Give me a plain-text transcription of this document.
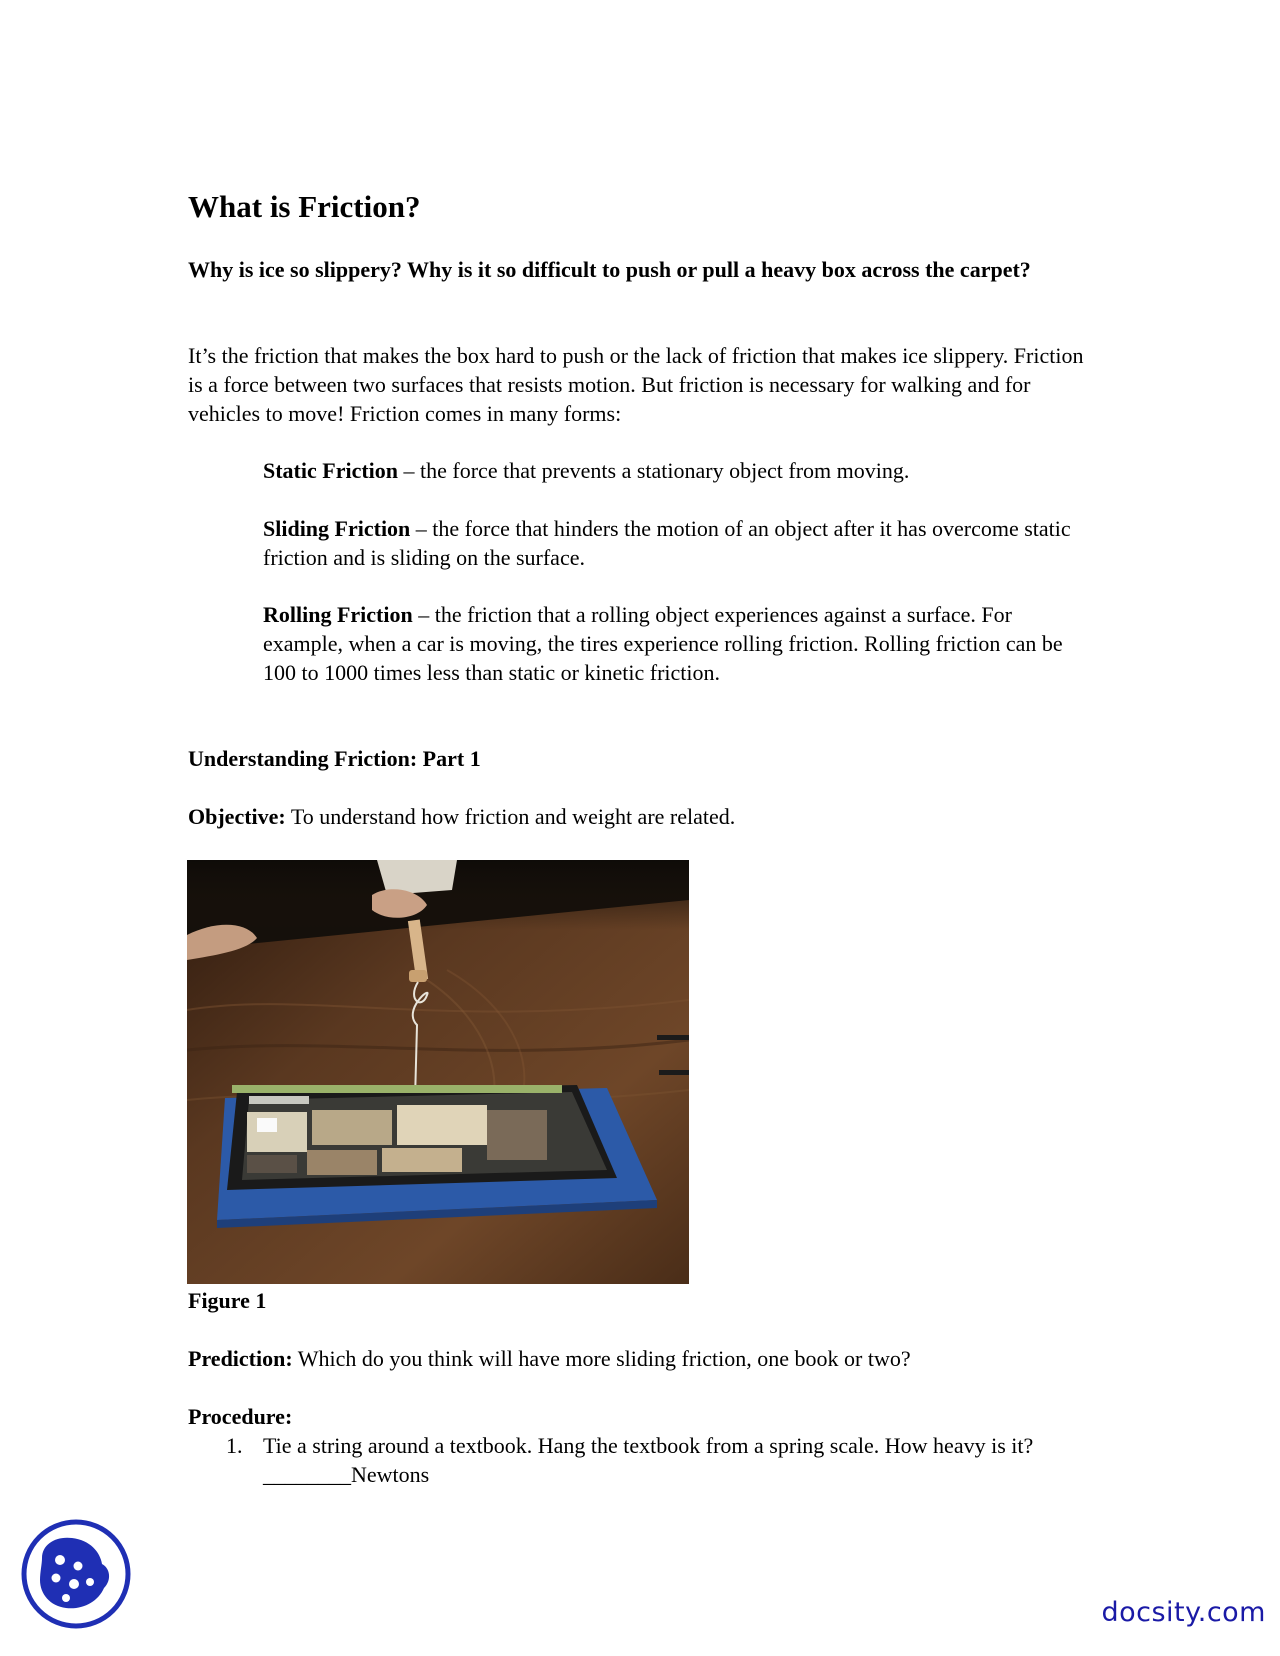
What is Friction?

Why is ice so slippery? Why is it so difficult to push or pull a heavy box across the carpet?

It’s the friction that makes the box hard to push or the lack of friction that makes ice slippery. Friction is a force between two surfaces that resists motion. But friction is necessary for walking and for vehicles to move! Friction comes in many forms:

Static Friction – the force that prevents a stationary object from moving.

Sliding Friction – the force that hinders the motion of an object after it has overcome static friction and is sliding on the surface.

Rolling Friction – the friction that a rolling object experiences against a surface. For example, when a car is moving, the tires experience rolling friction. Rolling friction can be 100 to 1000 times less than static or kinetic friction.

Understanding Friction: Part 1

Objective: To understand how friction and weight are related.

Figure 1

Prediction: Which do you think will have more sliding friction, one book or two?

Procedure:

1. Tie a string around a textbook. Hang the textbook from a spring scale. How heavy is it? ________Newtons
docsity.com
